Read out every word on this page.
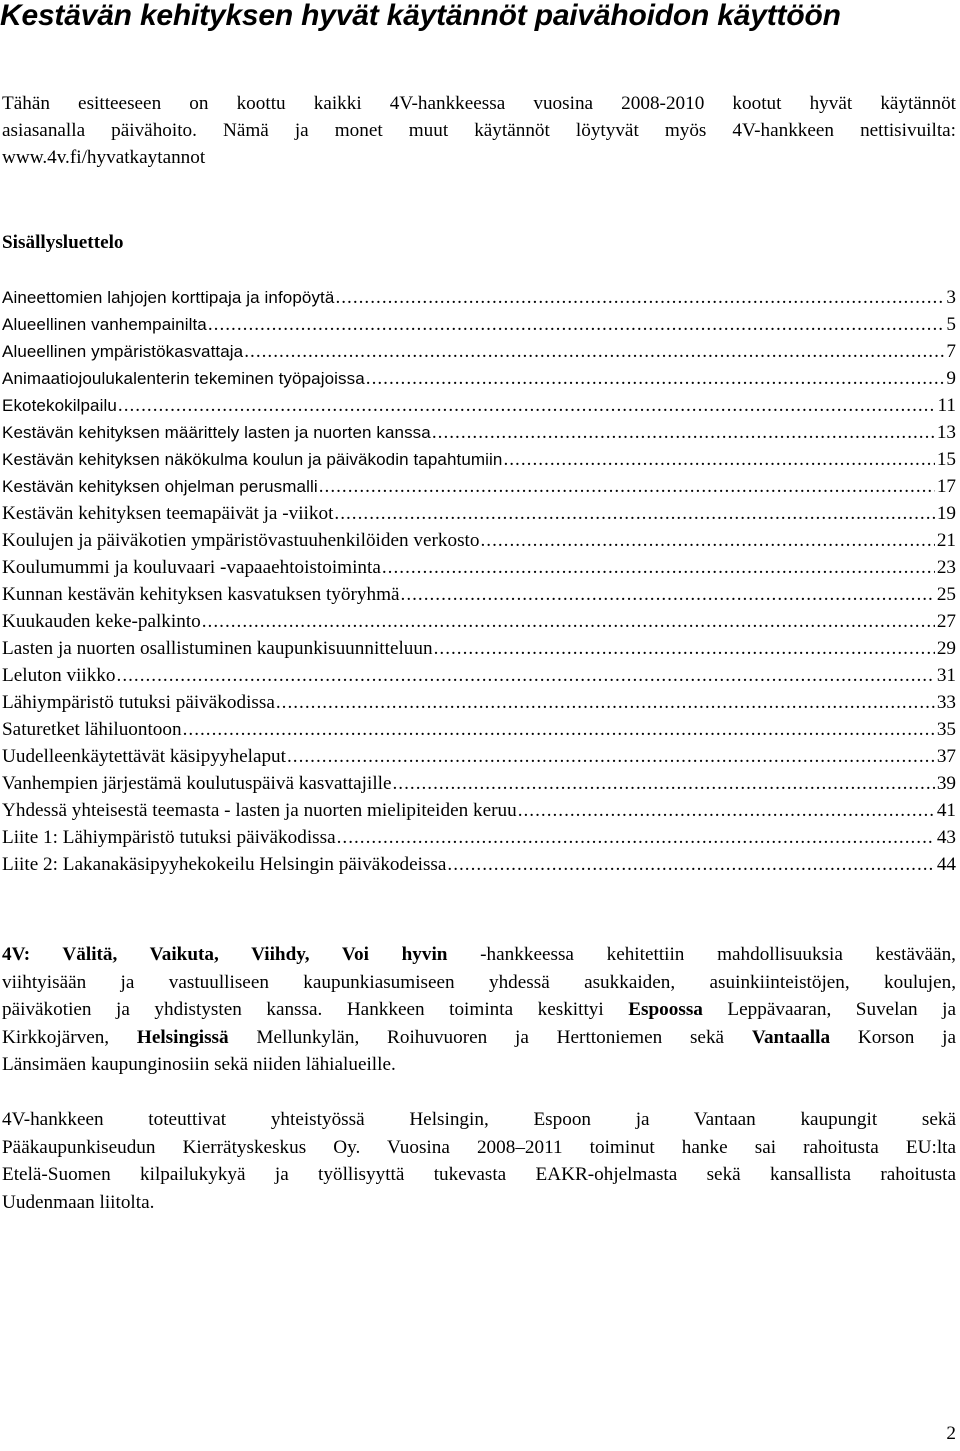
Kestävän kehityksen hyvät käytännöt paivähoidon käyttöön
Tähän esitteeseen on koottu kaikki 4V-hankkeessa vuosina 2008-2010 kootut hyvät käytännöt
asiasanalla päivähoito. Nämä ja monet muut käytännöt löytyvät myös 4V-hankkeen nettisivuilta:
www.4v.fi/hyvatkaytannot
Sisällysluettelo
Aineettomien lahjojen korttipaja ja infopöytä .....	3
Alueellinen vanhempainilta .....	5
Alueellinen ympäristökasvattaja .....	7
Animaatiojoulukalenterin tekeminen työpajoissa .....	9
Ekotekokilpailu .....	11
Kestävän kehityksen määrittely lasten ja nuorten kanssa .....	13
Kestävän kehityksen näkökulma koulun ja päiväkodin tapahtumiin .....	15
Kestävän kehityksen ohjelman perusmalli .....	17
Kestävän kehityksen teemapäivät ja -viikot .....	19
Koulujen ja päiväkotien ympäristövastuuhenkilöiden verkosto .....	21
Koulumummi ja kouluvaari -vapaaehtoistoiminta .....	23
Kunnan kestävän kehityksen kasvatuksen työryhmä .....	25
Kuukauden keke-palkinto .....	27
Lasten ja nuorten osallistuminen kaupunkisuunnitteluun .....	29
Leluton viikko .....	31
Lähiympäristö tutuksi päiväkodissa .....	33
Saturetket lähiluontoon .....	35
Uudelleenkäytettävät käsipyyhelaput .....	37
Vanhempien järjestämä koulutuspäivä kasvattajille .....	39
Yhdessä yhteisestä teemasta - lasten ja nuorten mielipiteiden keruu .....	41
Liite 1: Lähiympäristö tutuksi päiväkodissa .....	43
Liite 2: Lakanakäsipyyhekokeilu Helsingin päiväkodeissa .....	44
4V: Välitä, Vaikuta, Viihdy, Voi hyvin -hankkeessa kehitettiin mahdollisuuksia kestävään,
viihtyisään ja vastuulliseen kaupunkiasumiseen yhdessä asukkaiden, asuinkiinteistöjen, koulujen,
päiväkotien ja yhdistysten kanssa. Hankkeen toiminta keskittyi Espoossa Leppävaaran, Suvelan ja
Kirkkojärven, Helsingissä Mellunkylän, Roihuvuoren ja Herttoniemen sekä Vantaalla Korson ja
Länsimäen kaupunginosiin sekä niiden lähialueille.
4V-hankkeen toteuttivat yhteistyössä Helsingin, Espoon ja Vantaan kaupungit sekä
Pääkaupunkiseudun Kierrätyskeskus Oy. Vuosina 2008–2011 toiminut hanke sai rahoitusta EU:lta
Etelä-Suomen kilpailukykyä ja työllisyyttä tukevasta EAKR-ohjelmasta sekä kansallista rahoitusta
Uudenmaan liitolta.
2
